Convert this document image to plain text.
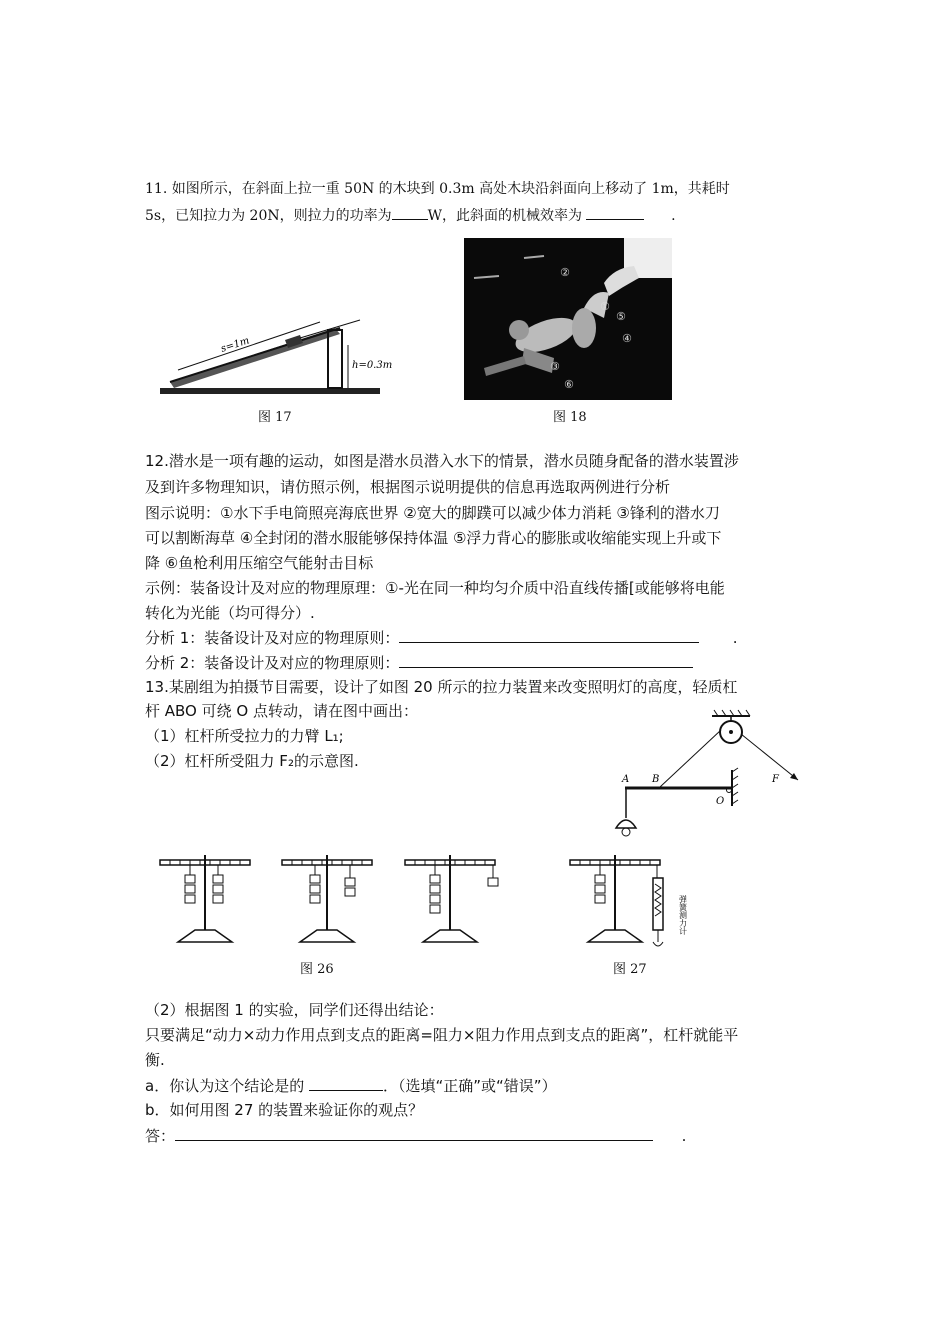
11. 如图所示，在斜面上拉一重 50N 的木块到 0.3m 高处木块沿斜面向上移动了 1m，共耗时
5s，已知拉力为 20N，则拉力的功率为	W，此斜面的机械效率为	.
s=1m
h=0.3m
图 17
②
①
⑤
④
③
⑥
图 18
12.潜水是一项有趣的运动，如图是潜水员潜入水下的情景，潜水员随身配备的潜水装置涉
及到许多物理知识，请仿照示例，根据图示说明提供的信息再选取两例进行分析
图示说明：①水下手电筒照亮海底世界 ②宽大的脚蹼可以减少体力消耗 ③锋利的潜水刀
可以割断海草 ④全封闭的潜水服能够保持体温 ⑤浮力背心的膨胀或收缩能实现上升或下
降 ⑥鱼枪利用压缩空气能射击目标
示例：装备设计及对应的物理原理：①-光在同一种均匀介质中沿直线传播[或能够将电能
转化为光能（均可得分）.
分析 1：装备设计及对应的物理原则：	.
分析 2：装备设计及对应的物理原则：
13.某剧组为拍摄节目需要，设计了如图 20 所示的拉力装置来改变照明灯的高度，轻质杠
杆 ABO 可绕 O 点转动，请在图中画出：
（1）杠杆所受拉力的力臂 L₁;
（2）杠杆所受阻力 F₂的示意图.
A B
O
F
图 26
弹簧测力计
图 27
（2）根据图 1 的实验，同学们还得出结论：
只要满足“动力×动力作用点到支点的距离=阻力×阻力作用点到支点的距离”，杠杆就能平
衡.
a．你认为这个结论是的	．（选填“正确”或“错误”）
b．如何用图 27 的装置来验证你的观点？
答：	.
